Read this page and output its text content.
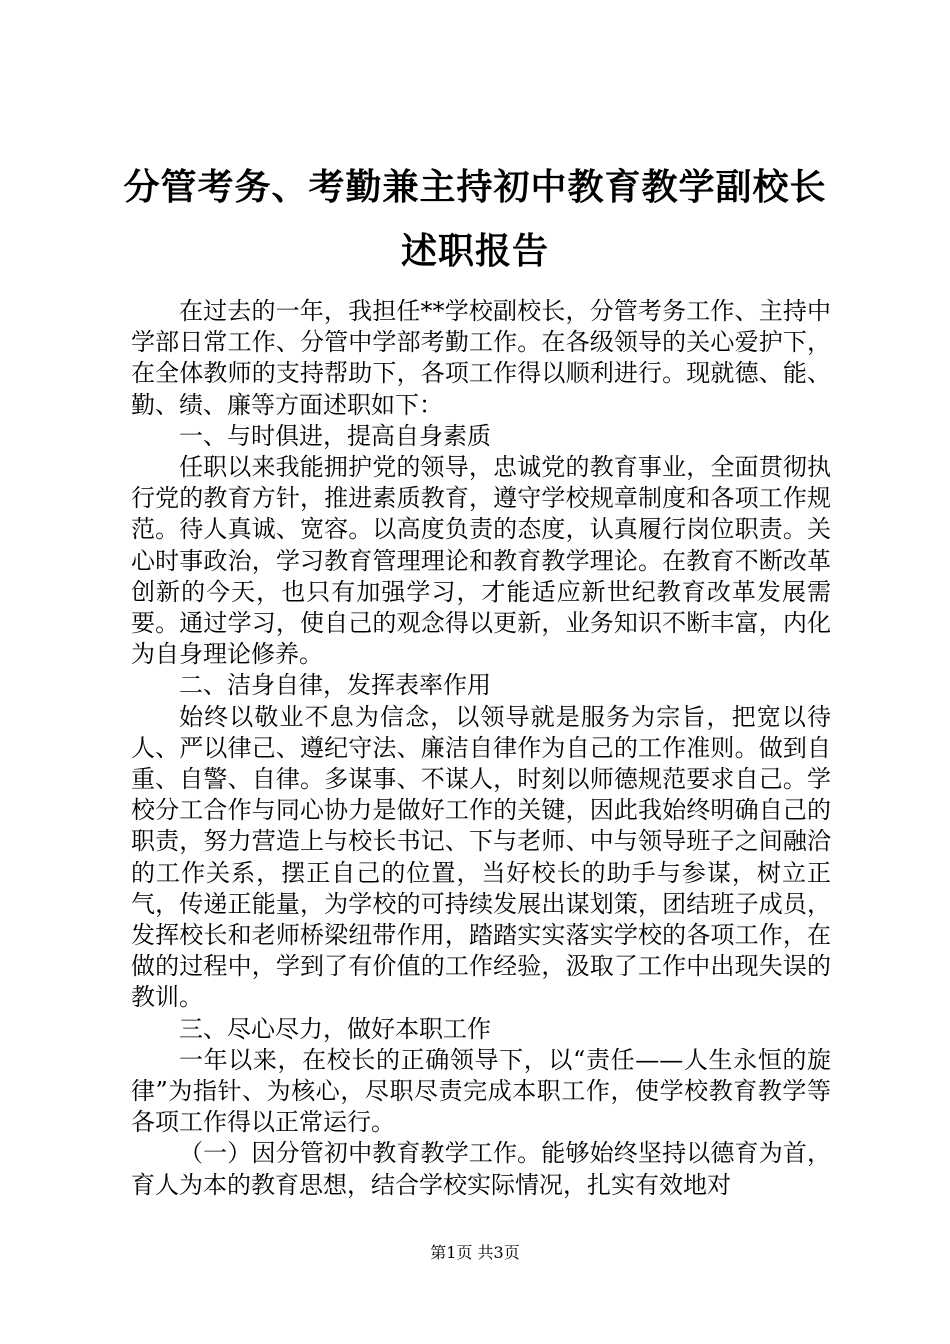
分管考务、考勤兼主持初中教育教学副校长述职报告

在过去的一年，我担任**学校副校长，分管考务工作、主持中学部日常工作、分管中学部考勤工作。在各级领导的关心爱护下，在全体教师的支持帮助下，各项工作得以顺利进行。现就德、能、勤、绩、廉等方面述职如下：

一、与时俱进，提高自身素质

任职以来我能拥护党的领导，忠诚党的教育事业，全面贯彻执行党的教育方针，推进素质教育，遵守学校规章制度和各项工作规范。待人真诚、宽容。以高度负责的态度，认真履行岗位职责。关心时事政治，学习教育管理理论和教育教学理论。在教育不断改革创新的今天，也只有加强学习，才能适应新世纪教育改革发展需要。通过学习，使自己的观念得以更新，业务知识不断丰富，内化为自身理论修养。

二、洁身自律，发挥表率作用

始终以敬业不息为信念，以领导就是服务为宗旨，把宽以待人、严以律己、遵纪守法、廉洁自律作为自己的工作准则。做到自重、自警、自律。多谋事、不谋人，时刻以师德规范要求自己。学校分工合作与同心协力是做好工作的关键，因此我始终明确自己的职责，努力营造上与校长书记、下与老师、中与领导班子之间融洽的工作关系，摆正自己的位置，当好校长的助手与参谋，树立正气，传递正能量，为学校的可持续发展出谋划策，团结班子成员，发挥校长和老师桥梁纽带作用，踏踏实实落实学校的各项工作，在做的过程中，学到了有价值的工作经验，汲取了工作中出现失误的教训。

三、尽心尽力，做好本职工作

一年以来，在校长的正确领导下，以“责任——人生永恒的旋律”为指针、为核心，尽职尽责完成本职工作，使学校教育教学等各项工作得以正常运行。

（一）因分管初中教育教学工作。能够始终坚持以德育为首，育人为本的教育思想，结合学校实际情况，扎实有效地对

第1页 共3页
